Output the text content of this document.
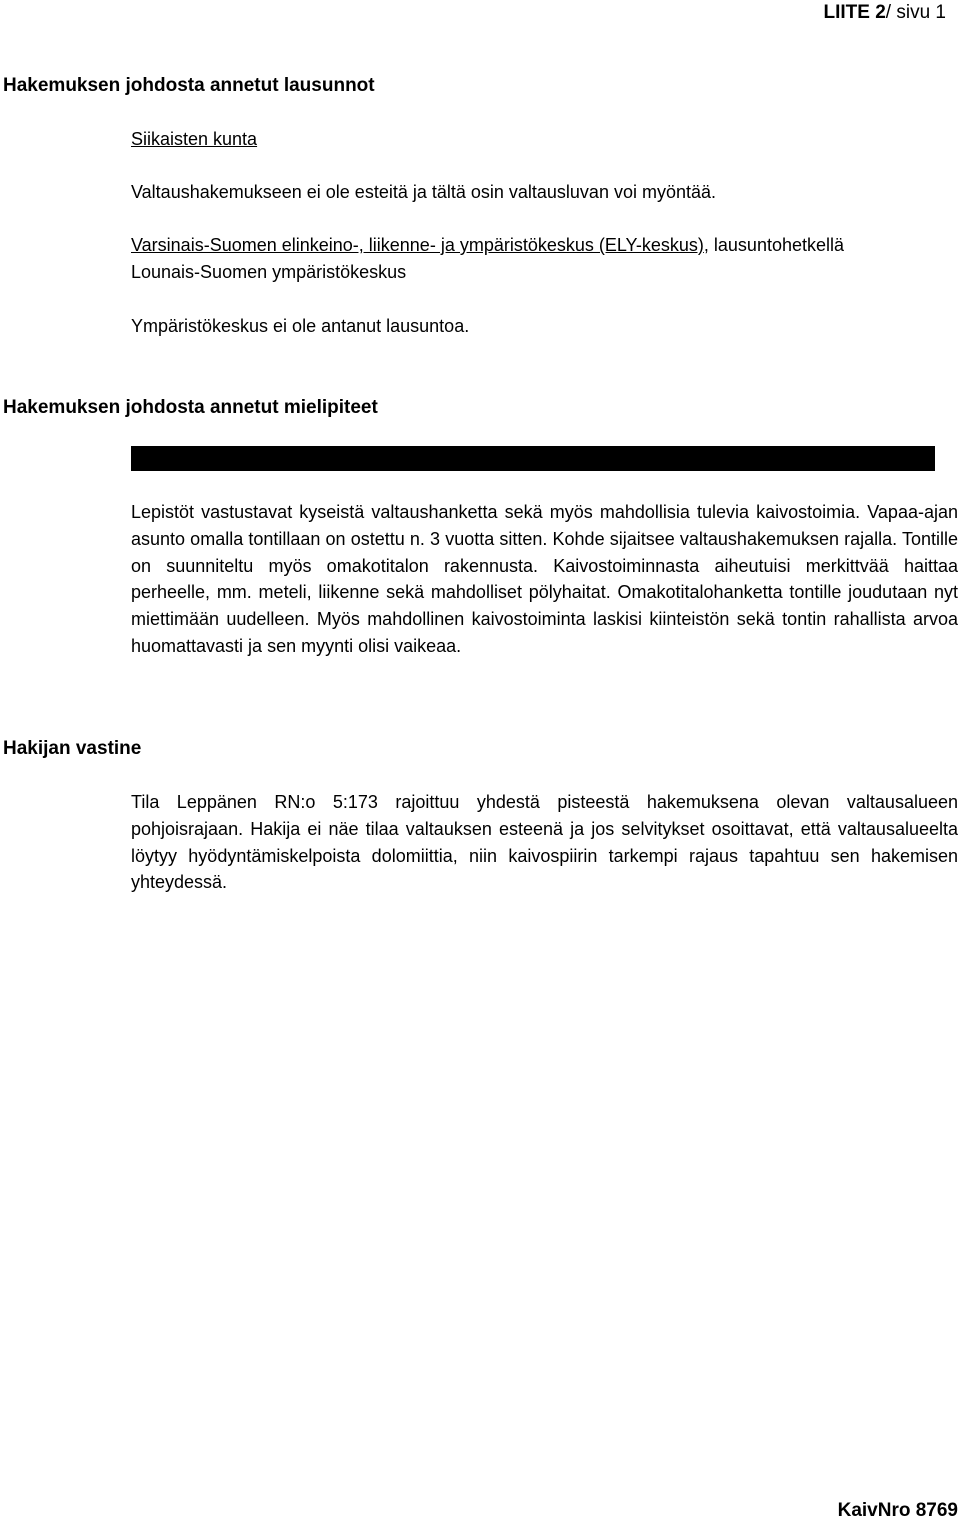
LIITE 2/ sivu 1
Hakemuksen johdosta annetut lausunnot
Siikaisten kunta
Valtaushakemukseen ei ole esteitä ja tältä osin valtausluvan voi myöntää.
Varsinais-Suomen elinkeino-, liikenne- ja ympäristökeskus (ELY-keskus), lausuntohetkellä
Lounais-Suomen ympäristökeskus
Ympäristökeskus ei ole antanut lausuntoa.
Hakemuksen johdosta annetut mielipiteet

Lepistöt vastustavat kyseistä valtaushanketta sekä myös mahdollisia tulevia kaivostoimia. Vapaa-ajan asunto omalla tontillaan on ostettu n. 3 vuotta sitten. Kohde sijaitsee valtaushakemuksen rajalla. Tontille on suunniteltu myös omakotitalon rakennusta. Kaivostoiminnasta aiheutuisi merkittvää haittaa perheelle, mm. meteli, liikenne sekä mahdolliset pölyhaitat. Omakotitalohanketta tontille joudutaan nyt miettimään uudelleen. Myös mahdollinen kaivostoiminta laskisi kiinteistön sekä tontin rahallista arvoa huomattavasti ja sen myynti olisi vaikeaa.

Hakijan vastine

Tila Leppänen RN:o 5:173 rajoittuu yhdestä pisteestä hakemuksena olevan valtausalueen pohjoisrajaan. Hakija ei näe tilaa valtauksen esteenä ja jos selvitykset osoittavat, että valtausalueelta löytyy hyödyntämiskelpoista dolomiittia, niin kaivospiirin tarkempi rajaus tapahtuu sen hakemisen yhteydessä.

KaivNro 8769
